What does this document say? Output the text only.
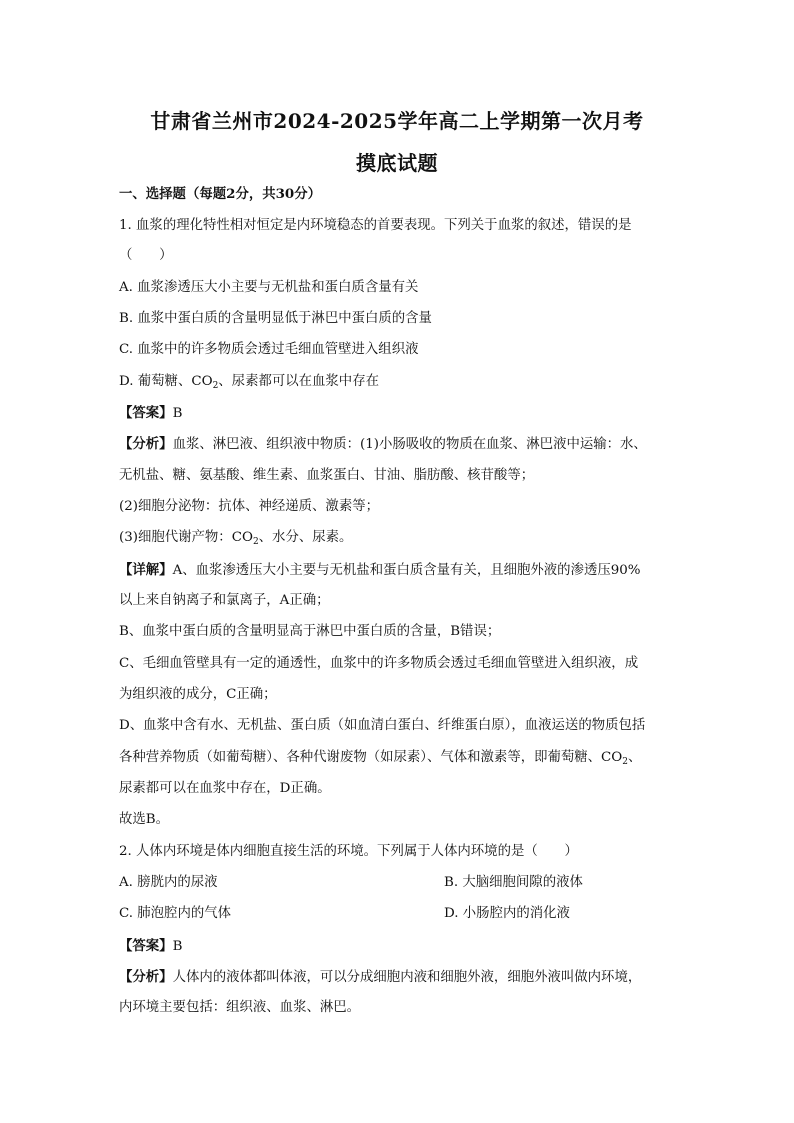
甘肃省兰州市2024-2025学年高二上学期第一次月考
摸底试题
一、选择题（每题2分，共30分）
1. 血浆的理化特性相对恒定是内环境稳态的首要表现。下列关于血浆的叙述，错误的是
（　　）
A. 血浆渗透压大小主要与无机盐和蛋白质含量有关
B. 血浆中蛋白质的含量明显低于淋巴中蛋白质的含量
C. 血浆中的许多物质会透过毛细血管壁进入组织液
D. 葡萄糖、$CO_2$、尿素都可以在血浆中存在
【答案】B
【分析】血浆、淋巴液、组织液中物质：(1)小肠吸收的物质在血浆、淋巴液中运输：水、
无机盐、糖、氨基酸、维生素、血浆蛋白、甘油、脂肪酸、核苷酸等；
(2)细胞分泌物：抗体、神经递质、激素等；
(3)细胞代谢产物：$CO_2$、水分、尿素。
【详解】A、血浆渗透压大小主要与无机盐和蛋白质含量有关，且细胞外液的渗透压90%
以上来自钠离子和氯离子，A正确；
B、血浆中蛋白质的含量明显高于淋巴中蛋白质的含量，B错误；
C、毛细血管壁具有一定的通透性，血浆中的许多物质会透过毛细血管壁进入组织液，成
为组织液的成分，C正确；
D、血浆中含有水、无机盐、蛋白质（如血清白蛋白、纤维蛋白原），血液运送的物质包括
各种营养物质（如葡萄糖）、各种代谢废物（如尿素）、气体和激素等，即葡萄糖、$CO_2$、
尿素都可以在血浆中存在，D正确。
故选B。
2. 人体内环境是体内细胞直接生活的环境。下列属于人体内环境的是（　　）
A. 膀胱内的尿液	B. 大脑细胞间隙的液体
C. 肺泡腔内的气体	D. 小肠腔内的消化液
【答案】B
【分析】人体内的液体都叫体液，可以分成细胞内液和细胞外液，细胞外液叫做内环境，
内环境主要包括：组织液、血浆、淋巴。
